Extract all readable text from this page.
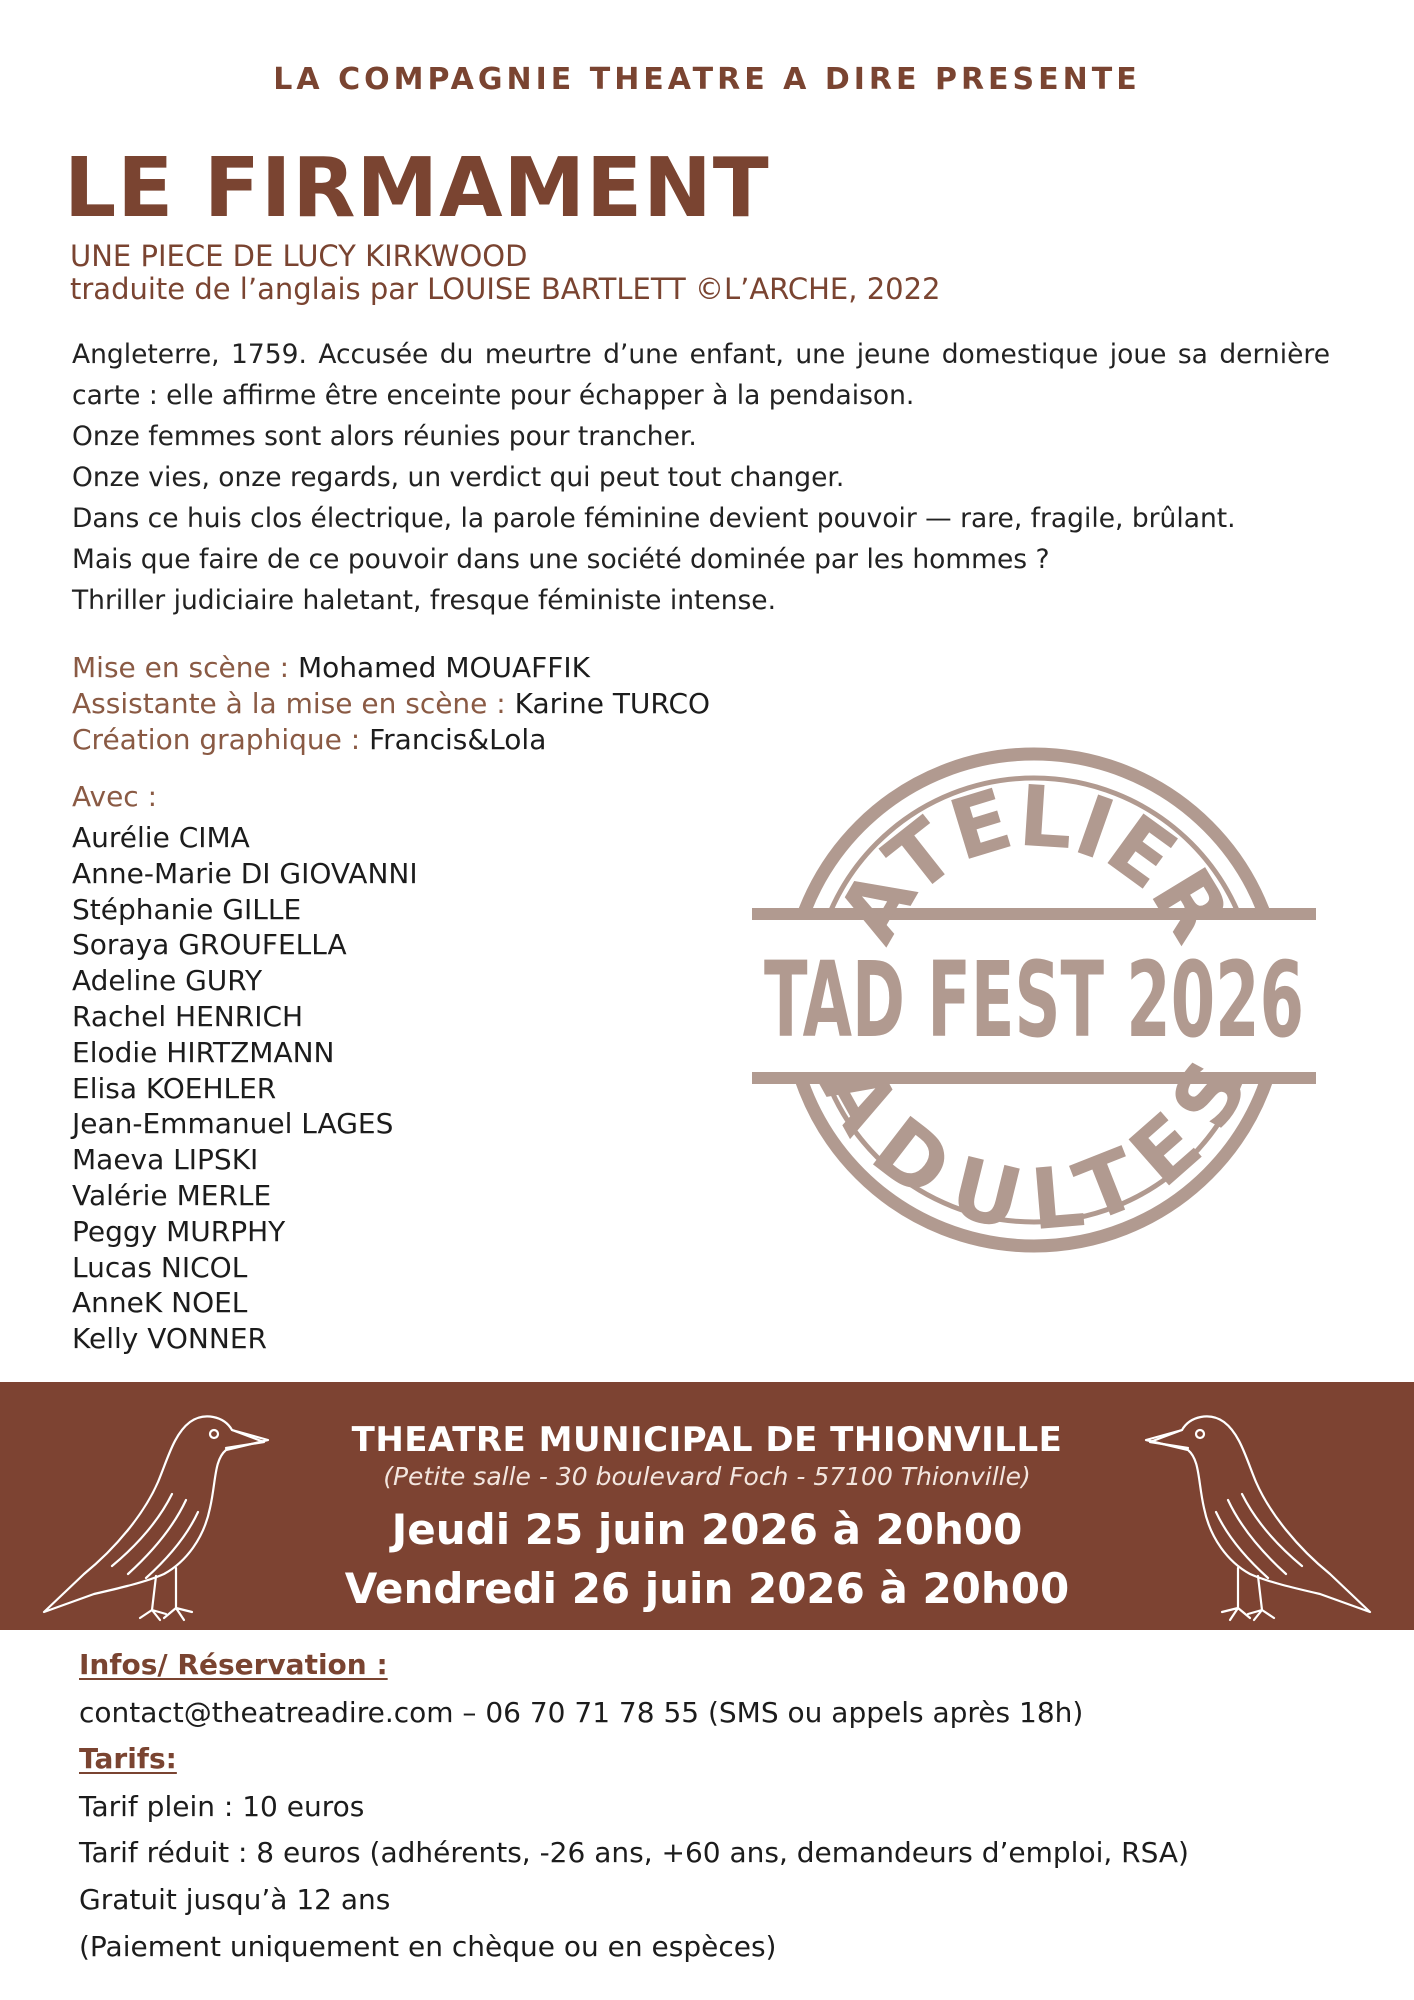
LA COMPAGNIE THEATRE A DIRE PRESENTE
LE FIRMAMENT
UNE PIECE DE LUCY KIRKWOOD
traduite de l’anglais par LOUISE BARTLETT ©L’ARCHE, 2022

Angleterre, 1759. Accusée du meurtre d’une enfant, une jeune domestique joue sa dernière carte : elle affirme être enceinte pour échapper à la pendaison.

Onze femmes sont alors réunies pour trancher.

Onze vies, onze regards, un verdict qui peut tout changer.

Dans ce huis clos électrique, la parole féminine devient pouvoir — rare, fragile, brûlant.

Mais que faire de ce pouvoir dans une société dominée par les hommes ?

Thriller judiciaire haletant, fresque féministe intense.

Mise en scène : Mohamed MOUAFFIK
Assistante à la mise en scène : Karine TURCO
Création graphique : Francis&Lola
Avec :
Aurélie CIMA
Anne-Marie DI GIOVANNI
Stéphanie GILLE
Soraya GROUFELLA
Adeline GURY
Rachel HENRICH
Elodie HIRTZMANN
Elisa KOEHLER
Jean-Emmanuel LAGES
Maeva LIPSKI
Valérie MERLE
Peggy MURPHY
Lucas NICOL
AnneK NOEL
Kelly VONNER
ATELIER
TAD FEST 2026
ADULTES
THEATRE MUNICIPAL DE THIONVILLE
(Petite salle - 30 boulevard Foch - 57100 Thionville)
Jeudi 25 juin 2026 à 20h00
Vendredi 26 juin 2026 à 20h00
Infos/ Réservation :
contact@theatreadire.com – 06 70 71 78 55 (SMS ou appels après 18h)
Tarifs:
Tarif plein : 10 euros
Tarif réduit : 8 euros (adhérents, -26 ans, +60 ans, demandeurs d’emploi, RSA)
Gratuit jusqu’à 12 ans
(Paiement uniquement en chèque ou en espèces)
